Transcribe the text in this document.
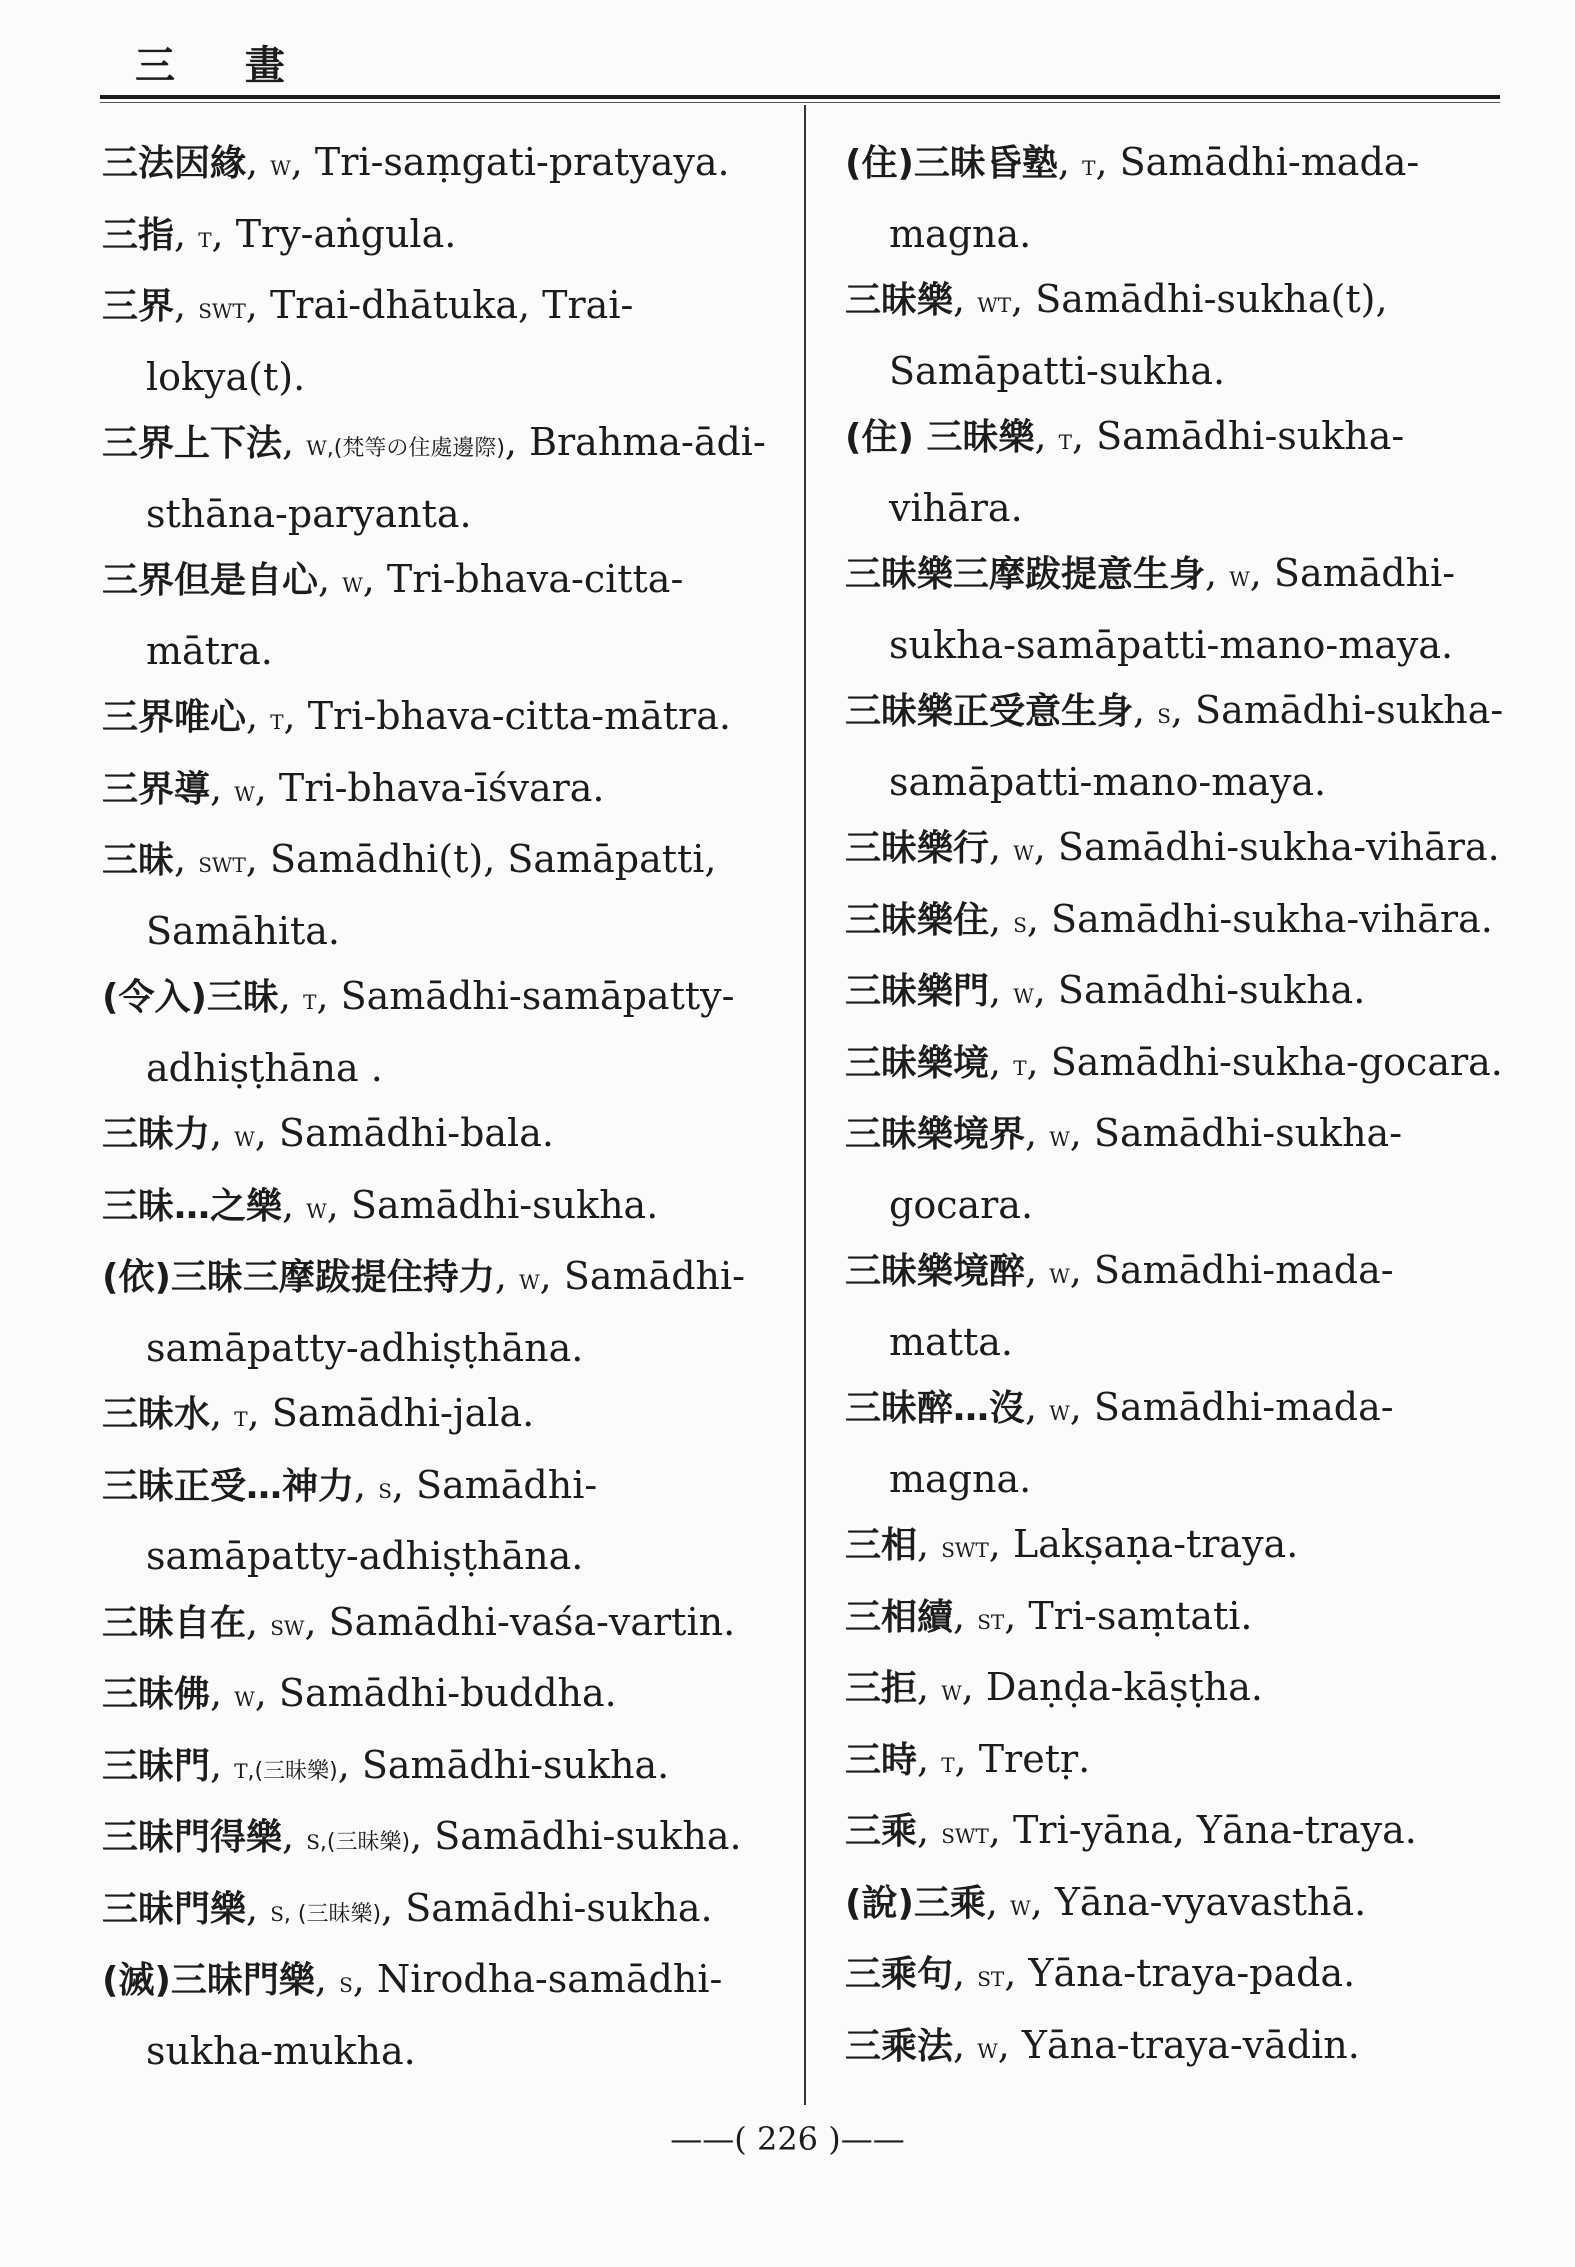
三 畫
三法因緣, w, Tri-saṃgati-pratyaya.
三指, t, Try-aṅgula.
三界, swt, Trai-dhātuka, Trai-lokya(t).
三界上下法, w,(梵等の住處邊際), Brahma-ādi-sthāna-paryanta.
三界但是自心, w, Tri-bhava-citta-mātra.
三界唯心, t, Tri-bhava-citta-mātra.
三界導, w, Tri-bhava-īśvara.
三昧, swt, Samādhi(t), Samāpatti, Samāhita.
(令入)三昧, t, Samādhi-samāpatty-adhiṣṭhāna .
三昧力, w, Samādhi-bala.
三昧…之樂, w, Samādhi-sukha.
(依)三昧三摩跋提住持力, w, Samādhi-samāpatty-adhiṣṭhāna.
三昧水, t, Samādhi-jala.
三昧正受…神力, s, Samādhi-samāpatty-adhiṣṭhāna.
三昧自在, sw, Samādhi-vaśa-vartin.
三昧佛, w, Samādhi-buddha.
三昧門, t,(三昧樂), Samādhi-sukha.
三昧門得樂, s,(三昧樂), Samādhi-sukha.
三昧門樂, s, (三昧樂), Samādhi-sukha.
(滅)三昧門樂, s, Nirodha-samādhi-sukha-mukha.
(住)三昧昏塾, t, Samādhi-mada-magna.
三昧樂, wt, Samādhi-sukha(t), Samāpatti-sukha.
(住) 三昧樂, t, Samādhi-sukha-vihāra.
三昧樂三摩跋提意生身, w, Samādhi-sukha-samāpatti-mano-maya.
三昧樂正受意生身, s, Samādhi-sukha-samāpatti-mano-maya.
三昧樂行, w, Samādhi-sukha-vihāra.
三昧樂住, s, Samādhi-sukha-vihāra.
三昧樂門, w, Samādhi-sukha.
三昧樂境, t, Samādhi-sukha-gocara.
三昧樂境界, w, Samādhi-sukha-gocara.
三昧樂境醉, w, Samādhi-mada-matta.
三昧醉…沒, w, Samādhi-mada-magna.
三相, swt, Lakṣaṇa-traya.
三相續, st, Tri-saṃtati.
三拒, w, Daṇḍa-kāṣṭha.
三時, t, Tretṛ.
三乘, swt, Tri-yāna, Yāna-traya.
(說)三乘, w, Yāna-vyavasthā.
三乘句, st, Yāna-traya-pada.
三乘法, w, Yāna-traya-vādin.
——( 226 )——
